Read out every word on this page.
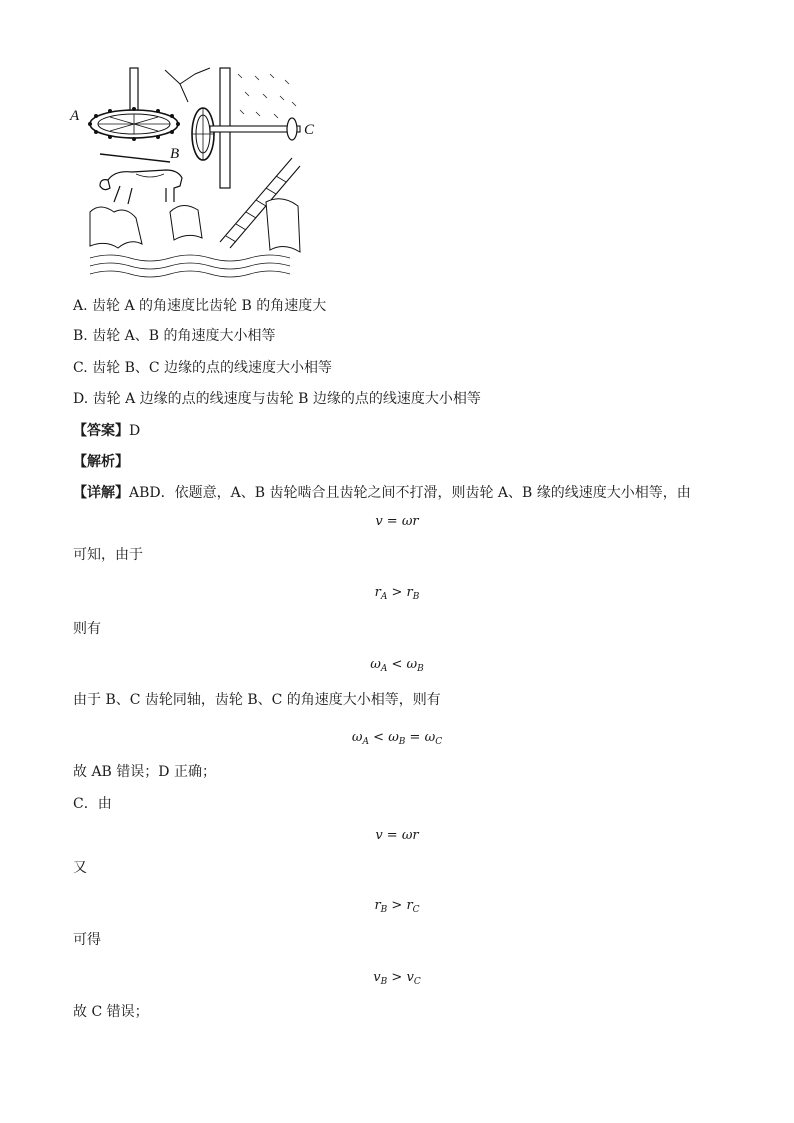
A
B
C
A. 齿轮 A 的角速度比齿轮 B 的角速度大
B. 齿轮 A、B 的角速度大小相等
C. 齿轮 B、C 边缘的点的线速度大小相等
D. 齿轮 A 边缘的点的线速度与齿轮 B 边缘的点的线速度大小相等
【答案】D
【解析】
【详解】ABD．依题意，A、B 齿轮啮合且齿轮之间不打滑，则齿轮 A、B 缘的线速度大小相等，由
v = ωr
可知，由于
$r_A > r_B$
则有
$\omega_A < \omega_B$
由于 B、C 齿轮同轴，齿轮 B、C 的角速度大小相等，则有
$\omega_A < \omega_B = \omega_C$
故 AB 错误；D 正确；
C．由
v = ωr
又
$r_B > r_C$
可得
$v_B > v_C$
故 C 错误；
